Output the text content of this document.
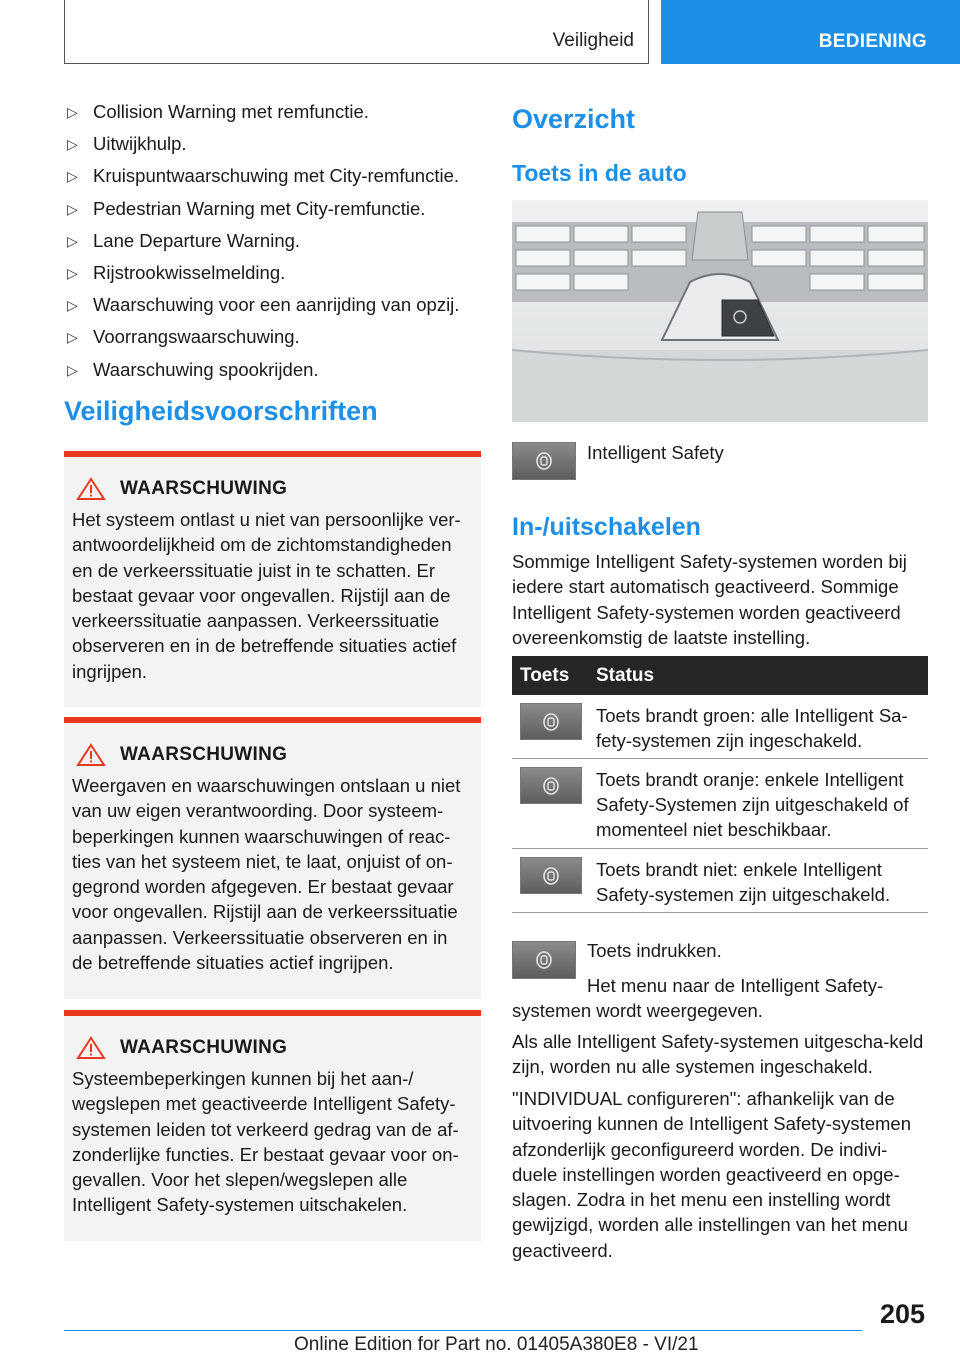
Veiligheid	BEDIENING
▷ Collision Warning met remfunctie.
▷ Uitwijkhulp.
▷ Kruispuntwaarschuwing met City-remfunctie.
▷ Pedestrian Warning met City-remfunctie.
▷ Lane Departure Warning.
▷ Rijstrookwisselmelding.
▷ Waarschuwing voor een aanrijding van opzij.
▷ Voorrangswaarschuwing.
▷ Waarschuwing spookrijden.
Veiligheidsvoorschriften
WAARSCHUWING
Het systeem ontlast u niet van persoonlijke ver-antwoordelijkheid om de zichtomstandigheden en de verkeerssituatie juist in te schatten. Er bestaat gevaar voor ongevallen. Rijstijl aan de verkeerssituatie aanpassen. Verkeerssituatie observeren en in de betreffende situaties actief ingrijpen.
WAARSCHUWING
Weergaven en waarschuwingen ontslaan u niet van uw eigen verantwoording. Door systeem-beperkingen kunnen waarschuwingen of reac-ties van het systeem niet, te laat, onjuist of on-gegrond worden afgegeven. Er bestaat gevaar voor ongevallen. Rijstijl aan de verkeerssituatie aanpassen. Verkeerssituatie observeren en in de betreffende situaties actief ingrijpen.
WAARSCHUWING
Systeembeperkingen kunnen bij het aan-/ wegslepen met geactiveerde Intelligent Safety-systemen leiden tot verkeerd gedrag van de af-zonderlijke functies. Er bestaat gevaar voor on-gevallen. Voor het slepen/wegslepen alle Intelligent Safety-systemen uitschakelen.
Overzicht
Toets in de auto
Intelligent Safety
In-/uitschakelen
Sommige Intelligent Safety-systemen worden bij iedere start automatisch geactiveerd. Sommige Intelligent Safety-systemen worden geactiveerd overeenkomstig de laatste instelling.
Toets	Status
Toets brandt groen: alle Intelligent Sa-fety-systemen zijn ingeschakeld.
Toets brandt oranje: enkele Intelligent Safety-Systemen zijn uitgeschakeld of momenteel niet beschikbaar.
Toets brandt niet: enkele Intelligent Safety-systemen zijn uitgeschakeld.
Toets indrukken.
Het menu naar de Intelligent Safety-systemen wordt weergegeven.
Als alle Intelligent Safety-systemen uitgescha-keld zijn, worden nu alle systemen ingeschakeld.
"INDIVIDUAL configureren": afhankelijk van de uitvoering kunnen de Intelligent Safety-systemen afzonderlijk geconfigureerd worden. De indivi-duele instellingen worden geactiveerd en opge-slagen. Zodra in het menu een instelling wordt gewijzigd, worden alle instellingen van het menu geactiveerd.
205
Online Edition for Part no. 01405A380E8 - VI/21
